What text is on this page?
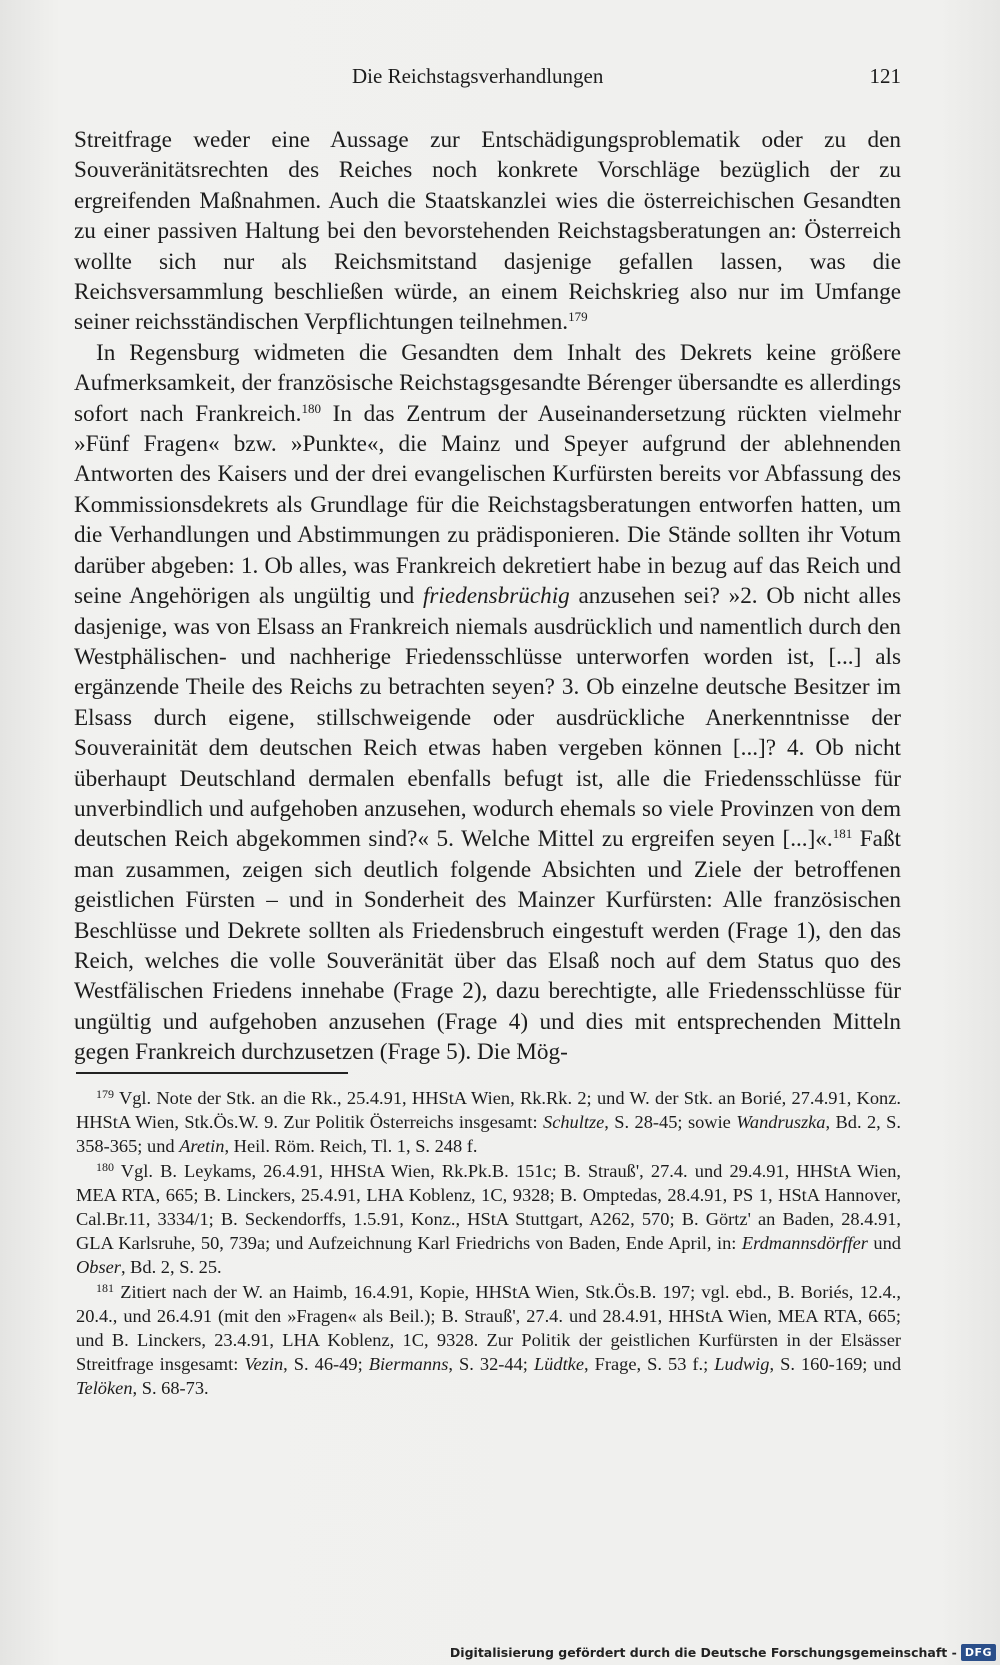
Die Reichstagsverhandlungen	121

Streitfrage weder eine Aussage zur Entschädigungsproblematik oder zu den Souveränitätsrechten des Reiches noch konkrete Vorschläge bezüglich der zu ergreifenden Maßnahmen. Auch die Staatskanzlei wies die österreichischen Gesandten zu einer passiven Haltung bei den bevorstehenden Reichstagsberatungen an: Österreich wollte sich nur als Reichsmitstand dasjenige gefallen lassen, was die Reichsversammlung beschließen würde, an einem Reichskrieg also nur im Umfange seiner reichsständischen Verpflichtungen teilnehmen.$^{179}$

In Regensburg widmeten die Gesandten dem Inhalt des Dekrets keine größere Aufmerksamkeit, der französische Reichstagsgesandte Bérenger übersandte es allerdings sofort nach Frankreich.$^{180}$ In das Zentrum der Auseinandersetzung rückten vielmehr »Fünf Fragen« bzw. »Punkte«, die Mainz und Speyer aufgrund der ablehnenden Antworten des Kaisers und der drei evangelischen Kurfürsten bereits vor Abfassung des Kommissionsdekrets als Grundlage für die Reichstagsberatungen entworfen hatten, um die Verhandlungen und Abstimmungen zu prädisponieren. Die Stände sollten ihr Votum darüber abgeben: 1. Ob alles, was Frankreich dekretiert habe in bezug auf das Reich und seine Angehörigen als ungültig und friedensbrüchig anzusehen sei? »2. Ob nicht alles dasjenige, was von Elsass an Frankreich niemals ausdrücklich und namentlich durch den Westphälischen- und nachherige Friedensschlüsse unterworfen worden ist, [...] als ergänzende Theile des Reichs zu betrachten seyen? 3. Ob einzelne deutsche Besitzer im Elsass durch eigene, stillschweigende oder ausdrückliche Anerkenntnisse der Souverainität dem deutschen Reich etwas haben vergeben können [...]? 4. Ob nicht überhaupt Deutschland dermalen ebenfalls befugt ist, alle die Friedensschlüsse für unverbindlich und aufgehoben anzusehen, wodurch ehemals so viele Provinzen von dem deutschen Reich abgekommen sind?« 5. Welche Mittel zu ergreifen seyen [...]«.$^{181}$ Faßt man zusammen, zeigen sich deutlich folgende Absichten und Ziele der betroffenen geistlichen Fürsten – und in Sonderheit des Mainzer Kurfürsten: Alle französischen Beschlüsse und Dekrete sollten als Friedensbruch eingestuft werden (Frage 1), den das Reich, welches die volle Souveränität über das Elsaß noch auf dem Status quo des Westfälischen Friedens innehabe (Frage 2), dazu berechtigte, alle Friedensschlüsse für ungültig und aufgehoben anzusehen (Frage 4) und dies mit entsprechenden Mitteln gegen Frankreich durchzusetzen (Frage 5). Die Mög-

$^{179}$ Vgl. Note der Stk. an die Rk., 25.4.91, HHStA Wien, Rk.Rk. 2; und W. der Stk. an Borié, 27.4.91, Konz. HHStA Wien, Stk.Ös.W. 9. Zur Politik Österreichs insgesamt: Schultze, S. 28-45; sowie Wandruszka, Bd. 2, S. 358-365; und Aretin, Heil. Röm. Reich, Tl. 1, S. 248 f.

$^{180}$ Vgl. B. Leykams, 26.4.91, HHStA Wien, Rk.Pk.B. 151c; B. Strauß', 27.4. und 29.4.91, HHStA Wien, MEA RTA, 665; B. Linckers, 25.4.91, LHA Koblenz, 1C, 9328; B. Omptedas, 28.4.91, PS 1, HStA Hannover, Cal.Br.11, 3334/1; B. Seckendorffs, 1.5.91, Konz., HStA Stuttgart, A262, 570; B. Görtz' an Baden, 28.4.91, GLA Karlsruhe, 50, 739a; und Aufzeichnung Karl Friedrichs von Baden, Ende April, in: Erdmannsdörffer und Obser, Bd. 2, S. 25.

$^{181}$ Zitiert nach der W. an Haimb, 16.4.91, Kopie, HHStA Wien, Stk.Ös.B. 197; vgl. ebd., B. Boriés, 12.4., 20.4., und 26.4.91 (mit den »Fragen« als Beil.); B. Strauß', 27.4. und 28.4.91, HHStA Wien, MEA RTA, 665; und B. Linckers, 23.4.91, LHA Koblenz, 1C, 9328. Zur Politik der geistlichen Kurfürsten in der Elsässer Streitfrage insgesamt: Vezin, S. 46-49; Biermanns, S. 32-44; Lüdtke, Frage, S. 53 f.; Ludwig, S. 160-169; und Telöken, S. 68-73.

Digitalisierung gefördert durch die Deutsche Forschungsgemeinschaft - DFG
